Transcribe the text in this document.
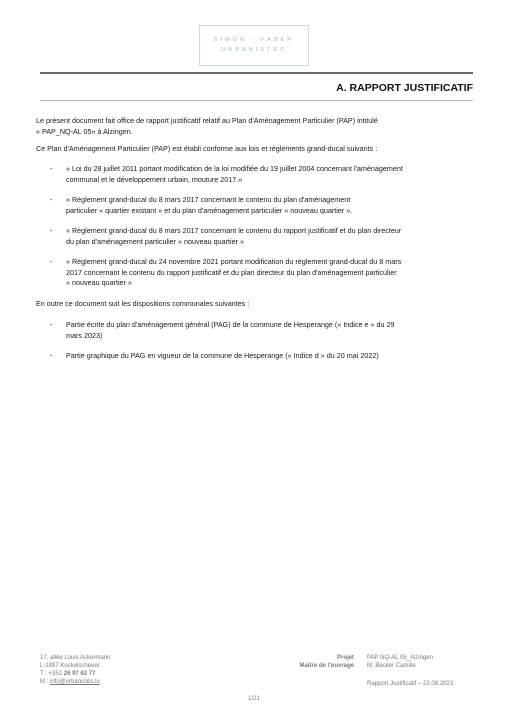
SIMON - FABER
URBANISTES
A. RAPPORT JUSTIFICATIF
Le présent document fait office de rapport justificatif relatif au Plan d'Aménagement Particulier (PAP) intitulé
« PAP_NQ-AL 05» à Alzingen.
Ce Plan d'Aménagement Particulier (PAP) est établi conforme aux lois et règlements grand-ducal suivants :
- « Loi du 28 juillet 2011 portant modification de la loi modifiée du 19 juillet 2004 concernant l'aménagement
communal et le développement urbain, mouture 2017.»
- « Règlement grand-ducal du 8 mars 2017 concernant le contenu du plan d'aménagement
particulier « quartier existant » et du plan d'aménagement particulier « nouveau quartier ».
- « Règlement grand-ducal du 8 mars 2017 concernant le contenu du rapport justificatif et du plan directeur
du plan d'aménagement particulier « nouveau quartier »
- « Règlement grand-ducal du 24 novembre 2021 portant modification du règlement grand-ducal du 8 mars
2017 concernant le contenu du rapport justificatif et du plan directeur du plan d'aménagement particulier
« nouveau quartier »
En outre ce document suit les dispositions communales suivantes :
- Partie écrite du plan d'aménagement général (PAG) de la commune de Hesperange (« Indice e » du 29
mars 2023)
- Partie graphique du PAG en vigueur de la commune de Hesperange (« Indice d » du 20 mai 2022)
17, allée Louis Ackermann
L-1897 Kockelscheuer
T : +352 26 97 62 77
M : info@urbanistes.lu
Projet
Maître de l'ouvrage
PAP NQ-AL 05_Alzingen
M. Becker Camille
Rapport Justificatif – 22.08.2023
1/21
